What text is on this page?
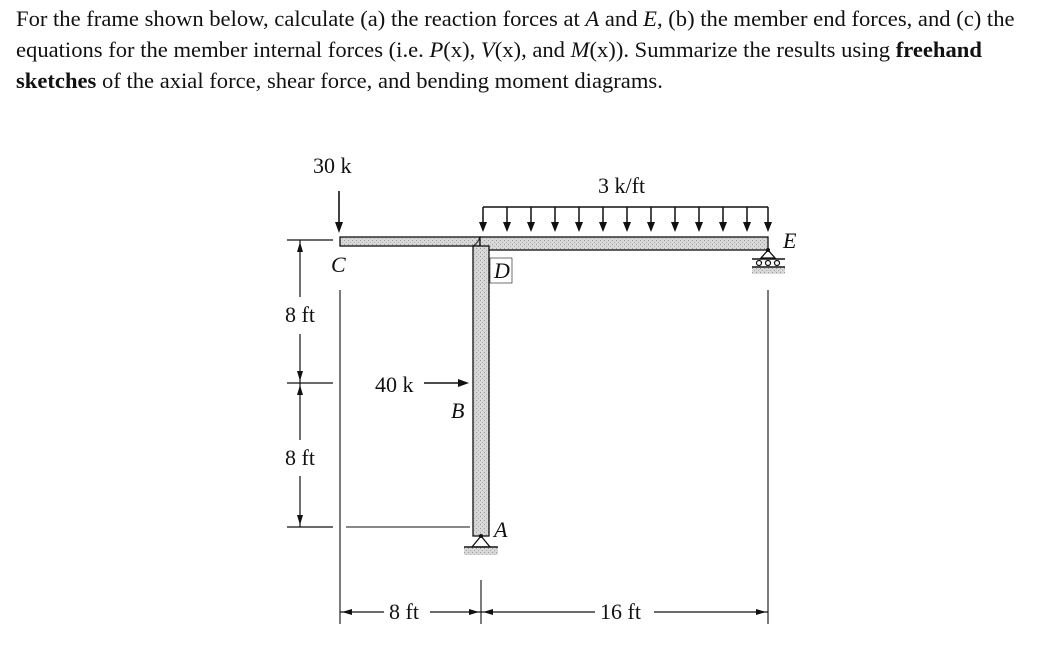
For the frame shown below, calculate (a) the reaction forces at A and E, (b) the member end forces, and (c) the equations for the member internal forces (i.e. P(x), V(x), and M(x)). Summarize the results using freehand sketches of the axial force, shear force, and bending moment diagrams.
30 k
3 k/ft
40 k
C	D
E
B
A
8 ft
8 ft
8 ft	16 ft
